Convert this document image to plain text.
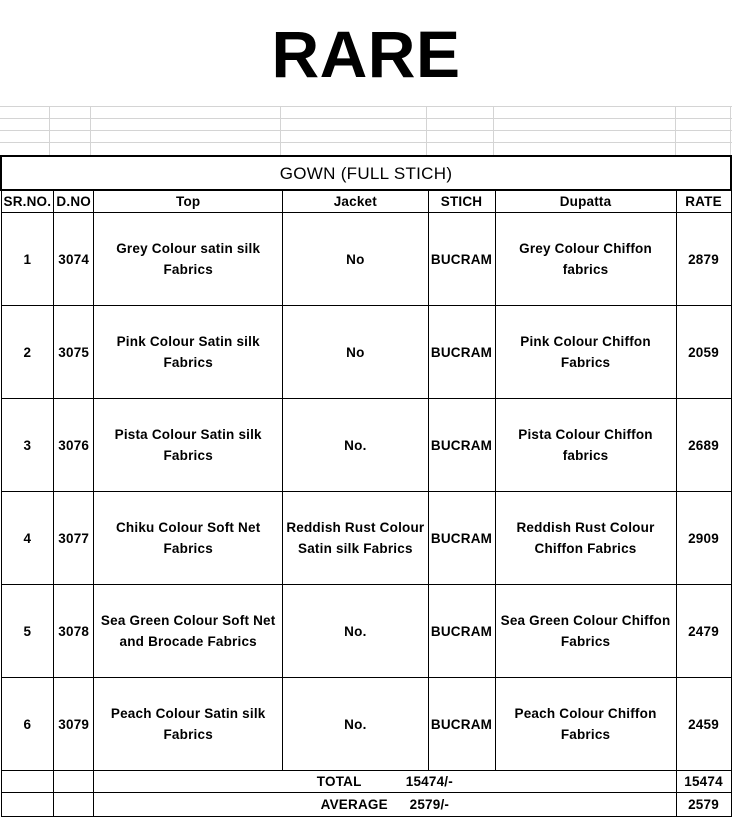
RARE
GOWN (FULL STICH)						
SR.NO.	D.NO	Top	Jacket	STICH	Dupatta	RATE
1	3074	Grey Colour satin silk Fabrics	No	BUCRAM	Grey Colour Chiffon fabrics	2879
2	3075	Pink Colour Satin silk Fabrics	No	BUCRAM	Pink Colour Chiffon Fabrics	2059
3	3076	Pista Colour Satin silk Fabrics	No.	BUCRAM	Pista Colour Chiffon fabrics	2689
4	3077	Chiku Colour Soft Net Fabrics	Reddish Rust Colour Satin silk Fabrics	BUCRAM	Reddish Rust Colour Chiffon Fabrics	2909
5	3078	Sea Green Colour Soft Net and Brocade Fabrics	No.	BUCRAM	Sea Green Colour Chiffon Fabrics	2479
6	3079	Peach Colour Satin silk Fabrics	No.	BUCRAM	Peach Colour Chiffon Fabrics	2459
		TOTAL 15474/-				15474
		AVERAGE 2579/-				2579
